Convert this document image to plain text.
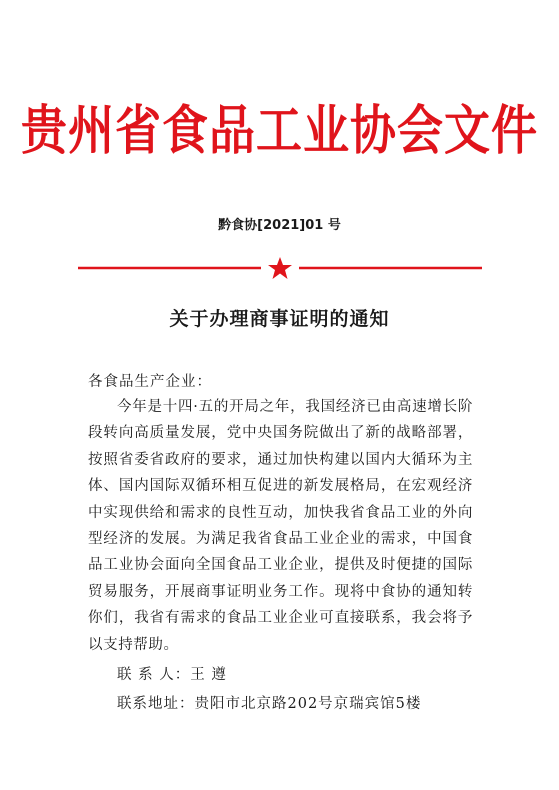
贵州省食品工业协会文件
黔食协[2021]01 号
关于办理商事证明的通知
各食品生产企业：

今年是十四·五的开局之年，我国经济已由高速增长阶段转向高质量发展，党中央国务院做出了新的战略部署，按照省委省政府的要求，通过加快构建以国内大循环为主体、国内国际双循环相互促进的新发展格局，在宏观经济中实现供给和需求的良性互动，加快我省食品工业的外向型经济的发展。为满足我省食品工业企业的需求，中国食品工业协会面向全国食品工业企业，提供及时便捷的国际贸易服务，开展商事证明业务工作。现将中食协的通知转你们，我省有需求的食品工业企业可直接联系，我会将予以支持帮助。

联 系 人：王 遵
联系地址：贵阳市北京路202号京瑞宾馆5楼
